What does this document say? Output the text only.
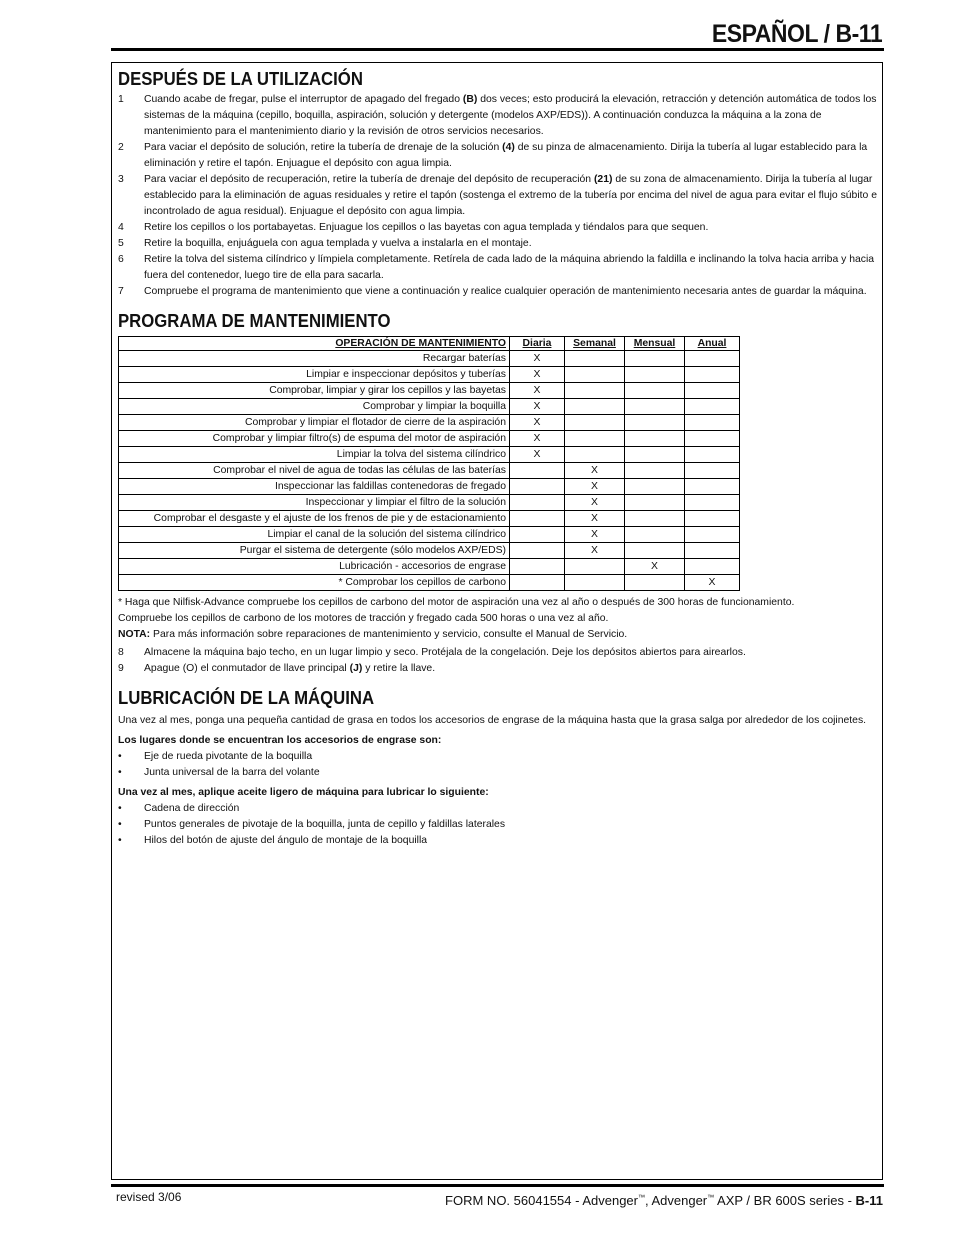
ESPAÑOL / B-11
DESPUÉS DE LA UTILIZACIÓN
1	Cuando acabe de fregar, pulse el interruptor de apagado del fregado (B) dos veces; esto producirá la elevación, retracción y detención automática de todos los sistemas de la máquina (cepillo, boquilla, aspiración, solución y detergente (modelos AXP/EDS)). A continuación conduzca la máquina a la zona de mantenimiento para el mantenimiento diario y la revisión de otros servicios necesarios.
2	Para vaciar el depósito de solución, retire la tubería de drenaje de la solución (4) de su pinza de almacenamiento. Dirija la tubería al lugar establecido para la eliminación y retire el tapón. Enjuague el depósito con agua limpia.
3	Para vaciar el depósito de recuperación, retire la tubería de drenaje del depósito de recuperación (21) de su zona de almacenamiento. Dirija la tubería al lugar establecido para la eliminación de aguas residuales y retire el tapón (sostenga el extremo de la tubería por encima del nivel de agua para evitar el flujo súbito e incontrolado de agua residual). Enjuague el depósito con agua limpia.
4	Retire los cepillos o los portabayetas. Enjuague los cepillos o las bayetas con agua templada y tiéndalos para que sequen.
5	Retire la boquilla, enjuáguela con agua templada y vuelva a instalarla en el montaje.
6	Retire la tolva del sistema cilíndrico y límpiela completamente. Retírela de cada lado de la máquina abriendo la faldilla e inclinando la tolva hacia arriba y hacia fuera del contenedor, luego tire de ella para sacarla.
7	Compruebe el programa de mantenimiento que viene a continuación y realice cualquier operación de mantenimiento necesaria antes de guardar la máquina.
PROGRAMA DE MANTENIMIENTO
OPERACIÓN DE MANTENIMIENTO	Diaria	Semanal	Mensual	Anual
Recargar baterías	X			
Limpiar e inspeccionar depósitos y tuberías	X			
Comprobar, limpiar y girar los cepillos y las bayetas	X			
Comprobar y limpiar la boquilla	X			
Comprobar y limpiar el flotador de cierre de la aspiración	X			
Comprobar y limpiar filtro(s) de espuma del motor de aspiración	X			
Limpiar la tolva del sistema cilíndrico	X			
Comprobar el nivel de agua de todas las células de las baterías		X		
Inspeccionar las faldillas contenedoras de fregado		X		
Inspeccionar y limpiar el filtro de la solución		X		
Comprobar el desgaste y el ajuste de los frenos de pie y de estacionamiento		X		
Limpiar el canal de la solución del sistema cilíndrico		X		
Purgar el sistema de detergente (sólo modelos AXP/EDS)		X		
Lubricación - accesorios de engrase			X	
* Comprobar los cepillos de carbono				X

* Haga que Nilfisk-Advance compruebe los cepillos de carbono del motor de aspiración una vez al año o después de 300 horas de funcionamiento.

Compruebe los cepillos de carbono de los motores de tracción y fregado cada 500 horas o una vez al año.

NOTA: Para más información sobre reparaciones de mantenimiento y servicio, consulte el Manual de Servicio.

8	Almacene la máquina bajo techo, en un lugar limpio y seco. Protéjala de la congelación. Deje los depósitos abiertos para airearlos.
9	Apague (O) el conmutador de llave principal (J) y retire la llave.
LUBRICACIÓN DE LA MÁQUINA

Una vez al mes, ponga una pequeña cantidad de grasa en todos los accesorios de engrase de la máquina hasta que la grasa salga por alrededor de los cojinetes.

Los lugares donde se encuentran los accesorios de engrase son:

•	Eje de rueda pivotante de la boquilla
•	Junta universal de la barra del volante

Una vez al mes, aplique aceite ligero de máquina para lubricar lo siguiente:

•	Cadena de dirección
•	Puntos generales de pivotaje de la boquilla, junta de cepillo y faldillas laterales
•	Hilos del botón de ajuste del ángulo de montaje de la boquilla
revised 3/06	FORM NO. 56041554 - Advenger™, Advenger™ AXP / BR 600S series - B-11
